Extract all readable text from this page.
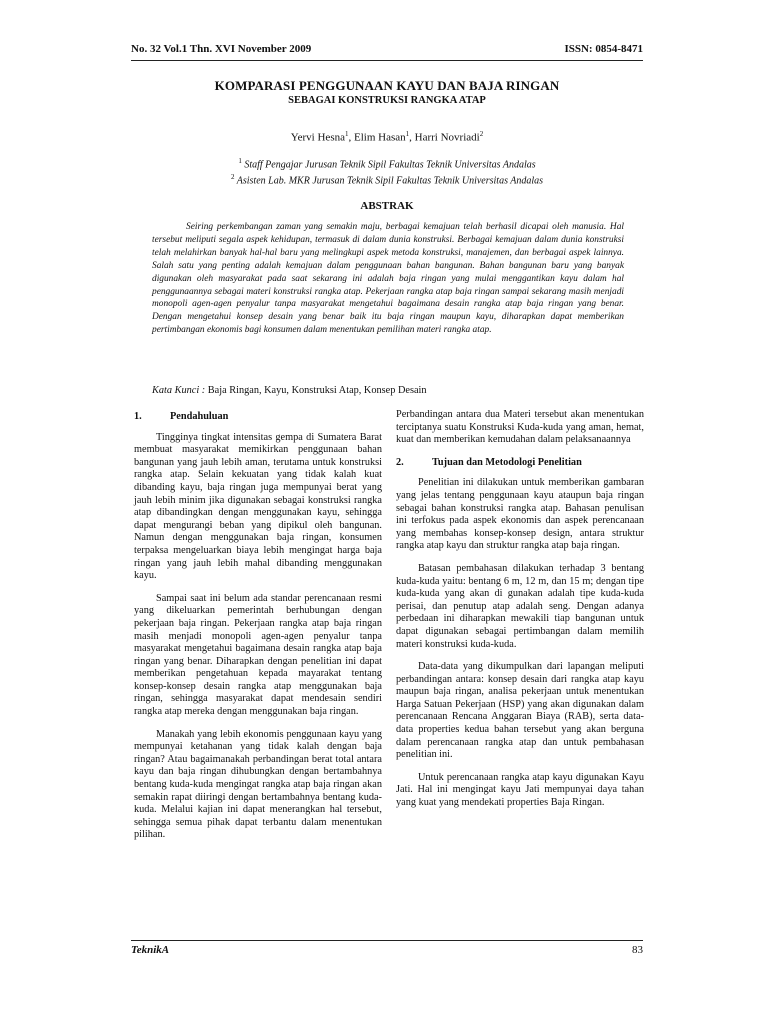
No. 32 Vol.1 Thn. XVI November 2009	ISSN: 0854-8471
KOMPARASI PENGGUNAAN KAYU DAN BAJA RINGAN
SEBAGAI KONSTRUKSI RANGKA ATAP
Yervi Hesna$^1$, Elim Hasan$^1$, Harri Novriadi$^2$
$^1$ Staff Pengajar Jurusan Teknik Sipil Fakultas Teknik Universitas Andalas
$^2$ Asisten Lab. MKR Jurusan Teknik Sipil Fakultas Teknik Universitas Andalas
ABSTRAK

Seiring perkembangan zaman yang semakin maju, berbagai kemajuan telah berhasil dicapai oleh manusia. Hal tersebut meliputi segala aspek kehidupan, termasuk di dalam dunia konstruksi. Berbagai kemajuan dalam dunia konstruksi telah melahirkan banyak hal-hal baru yang melingkupi aspek metoda konstruksi, manajemen, dan berbagai aspek lainnya. Salah satu yang penting adalah kemajuan dalam penggunaan bahan bangunan. Bahan bangunan baru yang banyak digunakan oleh masyarakat pada saat sekarang ini adalah baja ringan yang mulai menggantikan kayu dalam hal penggunaannya sebagai materi konstruksi rangka atap. Pekerjaan rangka atap baja ringan sampai sekarang masih menjadi monopoli agen-agen penyalur tanpa masyarakat mengetahui bagaimana desain rangka atap baja ringan yang benar. Dengan mengetahui konsep desain yang benar baik itu baja ringan maupun kayu, diharapkan dapat memberikan pertimbangan ekonomis bagi konsumen dalam menentukan pemilihan materi rangka atap.

Kata Kunci : Baja Ringan, Kayu, Konstruksi Atap, Konsep Desain
1.	Pendahuluan

Tingginya tingkat intensitas gempa di Sumatera Barat membuat masyarakat memikirkan penggunaan bahan bangunan yang jauh lebih aman, terutama untuk konstruksi rangka atap. Selain kekuatan yang tidak kalah kuat dibanding kayu, baja ringan juga mempunyai berat yang jauh lebih minim jika digunakan sebagai konstruksi rangka atap dibandingkan dengan menggunakan kayu, sehingga dapat mengurangi beban yang dipikul oleh bangunan. Namun dengan menggunakan baja ringan, konsumen terpaksa mengeluarkan biaya lebih mengingat harga baja ringan yang jauh lebih mahal dibanding menggunakan kayu.

Sampai saat ini belum ada standar perencanaan resmi yang dikeluarkan pemerintah berhubungan dengan pekerjaan baja ringan. Pekerjaan rangka atap baja ringan masih menjadi monopoli agen-agen penyalur tanpa masyarakat mengetahui bagaimana desain rangka atap baja ringan yang benar. Diharapkan dengan penelitian ini dapat memberikan pengetahuan kepada mayarakat tentang konsep-konsep desain rangka atap menggunakan baja ringan, sehingga masyarakat dapat mendesain sendiri rangka atap mereka dengan menggunakan baja ringan.

Manakah yang lebih ekonomis penggunaan kayu yang mempunyai ketahanan yang tidak kalah dengan baja ringan? Atau bagaimanakah perbandingan berat total antara kayu dan baja ringan dihubungkan dengan bertambahnya bentang kuda-kuda mengingat rangka atap baja ringan akan semakin rapat diiringi dengan bertambahnya bentang kuda-kuda. Melalui kajian ini dapat menerangkan hal tersebut, sehingga semua pihak dapat terbantu dalam menentukan pilihan.

Perbandingan antara dua Materi tersebut akan menentukan terciptanya suatu Konstruksi Kuda-kuda yang aman, hemat, kuat dan memberikan kemudahan dalam pelaksanaannya

2.	Tujuan dan Metodologi Penelitian

Penelitian ini dilakukan untuk memberikan gambaran yang jelas tentang penggunaan kayu ataupun baja ringan sebagai bahan konstruksi rangka atap. Bahasan penulisan ini terfokus pada aspek ekonomis dan aspek perencanaan yang membahas konsep-konsep design, antara struktur rangka atap kayu dan struktur rangka atap baja ringan.

Batasan pembahasan dilakukan terhadap 3 bentang kuda-kuda yaitu: bentang 6 m, 12 m, dan 15 m; dengan tipe kuda-kuda yang akan di gunakan adalah tipe kuda-kuda perisai, dan penutup atap adalah seng. Dengan adanya perbedaan ini diharapkan mewakili tiap bangunan untuk dapat digunakan sebagai pertimbangan dalam memilih materi konstruksi kuda-kuda.

Data-data yang dikumpulkan dari lapangan meliputi perbandingan antara: konsep desain dari rangka atap kayu maupun baja ringan, analisa pekerjaan untuk menentukan Harga Satuan Pekerjaan (HSP) yang akan digunakan dalam perencanaan Rencana Anggaran Biaya (RAB), serta data-data properties kedua bahan tersebut yang akan berguna dalam perencanaan rangka atap dan untuk pembahasan penelitian ini.

Untuk perencanaan rangka atap kayu digunakan Kayu Jati. Hal ini mengingat kayu Jati mempunyai daya tahan yang kuat yang mendekati properties Baja Ringan.

TeknikA	83
